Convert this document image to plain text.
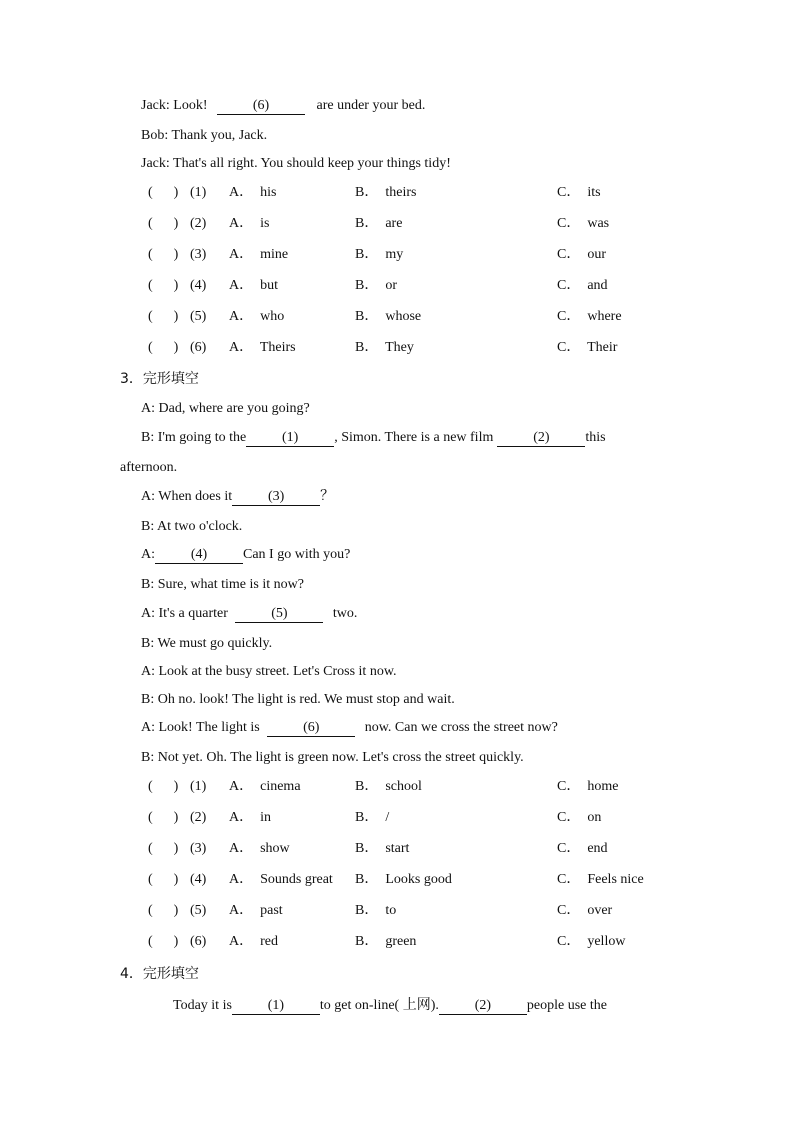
Jack: Look!	(6)	are under your bed.
Bob: Thank you, Jack.
Jack: That's all right. You should keep your things tidy!
(      ) (1) A．  his	B．  theirs	C．  its
(      ) (2) A．  is	B．  are	C．  was
(      ) (3) A．  mine	B．  my	C．  our
(      ) (4) A．  but	B．  or	C．  and
(      ) (5) A．  who	B．  whose	C．  where
(      ) (6) A．  Theirs	B．  They	C．  Their
3．完形填空
A: Dad, where are you going?
B: I'm going to the	(1)	, Simon. There is a new film	(2)	this
afternoon.
A: When does it	(3)	？
B: At two o'clock.
A:	(4)	Can I go with you?
B: Sure, what time is it now?
A: It's a quarter	(5)	two.
B: We must go quickly.
A: Look at the busy street. Let's Cross it now.
B: Oh no. look! The light is red. We must stop and wait.
A: Look! The light is	(6)	now. Can we cross the street now?
B: Not yet. Oh. The light is green now. Let's cross the street quickly.
(      ) (1) A．  cinema	B．  school	C．  home
(      ) (2) A．  in	B．  /	C．  on
(      ) (3) A．  show	B．  start	C．  end
(      ) (4) A．  Sounds great B．  Looks good	C．  Feels nice
(      ) (5) A．  past	B．  to	C．  over
(      ) (6) A．  red	B．  green	C．  yellow
4．完形填空
Today it is	(1)	to get on-line( 上网).	(2)	people use the
